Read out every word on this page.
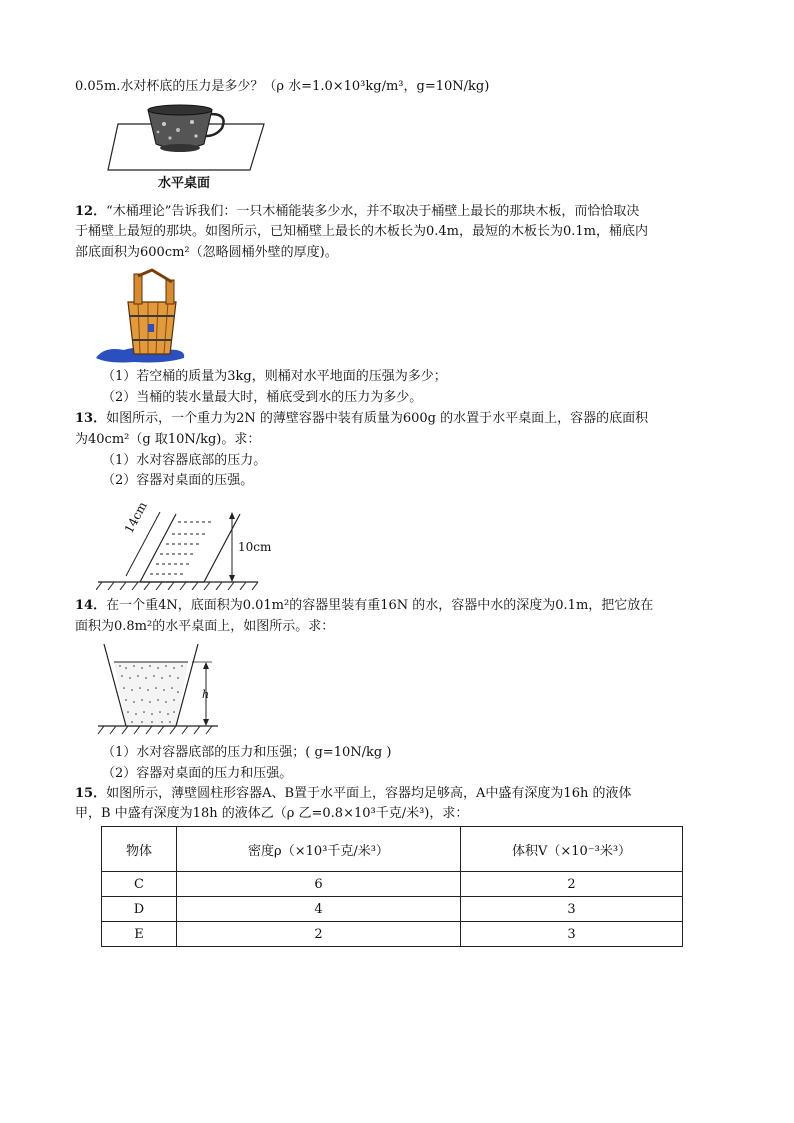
0.05m.水对杯底的压力是多少？（ρ 水=1.0×10³kg/m³，g=10N/kg)
水平桌面
12．“木桶理论”告诉我们：一只木桶能装多少水，并不取决于桶壁上最长的那块木板，而恰恰取决
于桶壁上最短的那块。如图所示，已知桶壁上最长的木板长为0.4m，最短的木板长为0.1m，桶底内
部底面积为600cm²（忽略圆桶外壁的厚度)。
（1）若空桶的质量为3kg，则桶对水平地面的压强为多少；
（2）当桶的装水量最大时，桶底受到水的压力为多少。
13．如图所示，一个重力为2N 的薄壁容器中装有质量为600g 的水置于水平桌面上，容器的底面积
为40cm²（g 取10N/kg)。求：
（1）水对容器底部的压力。
（2）容器对桌面的压强。
14cm
10cm
14．在一个重4N，底面积为0.01m²的容器里装有重16N 的水，容器中水的深度为0.1m，把它放在
面积为0.8m²的水平桌面上，如图所示。求：
h
（1）水对容器底部的压力和压强；( g=10N/kg )
（2）容器对桌面的压力和压强。
15．如图所示，薄壁圆柱形容器A、B置于水平面上，容器均足够高，A中盛有深度为16h 的液体
甲，B 中盛有深度为18h 的液体乙（ρ 乙=0.8×10³千克/米³)，求：
物体	密度ρ（×10³千克/米³）	体积V（×10⁻³米³）
C	6	2
D	4	3
E	2	3
